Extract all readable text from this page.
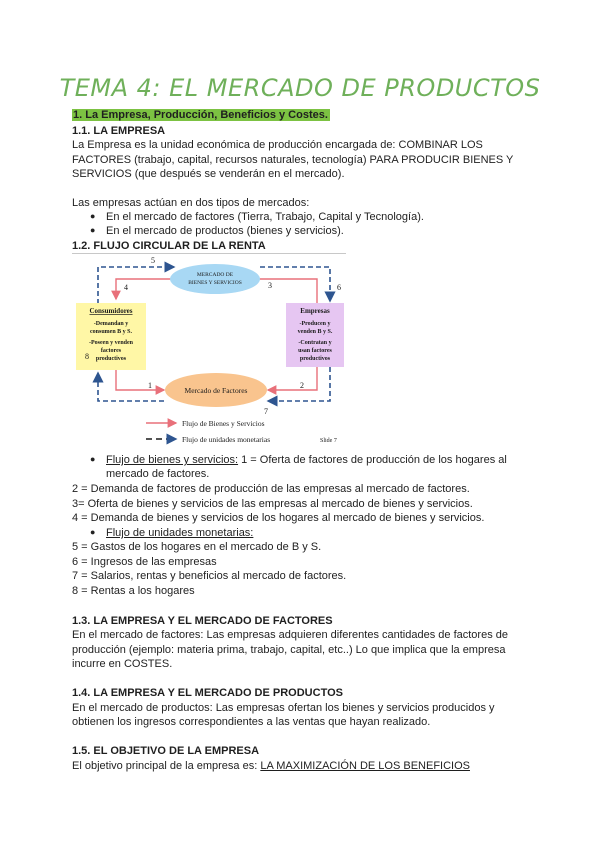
TEMA 4: EL MERCADO DE PRODUCTOS
1. La Empresa, Producción, Beneficios y Costes.
1.1. LA EMPRESA
La Empresa es la unidad económica de producción encargada de: COMBINAR LOS
FACTORES (trabajo, capital, recursos naturales, tecnología) PARA PRODUCIR BIENES Y
SERVICIOS (que después se venderán en el mercado).
Las empresas actúan en dos tipos de mercados:
● En el mercado de factores (Tierra, Trabajo, Capital y Tecnología).
● En el mercado de productos (bienes y servicios).
1.2. FLUJO CIRCULAR DE LA RENTA
MERCADO DE
BIENES Y SERVICIOS
Consumidores
-Demandan y
consumen B y S.
-Poseen y venden
factores
productivos
Empresas
-Producen y
venden B y S.
-Contratan y
usan factores
productivos
Mercado de Factores
1	2
3
4
5
6
7
8
Flujo de Bienes y Servicios
Flujo de unidades monetarias	Slide 7
● Flujo de bienes y servicios: 1 = Oferta de factores de producción de los hogares al
mercado de factores.
2 = Demanda de factores de producción de las empresas al mercado de factores.
3= Oferta de bienes y servicios de las empresas al mercado de bienes y servicios.
4 = Demanda de bienes y servicios de los hogares al mercado de bienes y servicios.
● Flujo de unidades monetarias:
5 = Gastos de los hogares en el mercado de B y S.
6 = Ingresos de las empresas
7 = Salarios, rentas y beneficios al mercado de factores.
8 = Rentas a los hogares
1.3. LA EMPRESA Y EL MERCADO DE FACTORES
En el mercado de factores: Las empresas adquieren diferentes cantidades de factores de
producción (ejemplo: materia prima, trabajo, capital, etc..) Lo que implica que la empresa
incurre en COSTES.
1.4. LA EMPRESA Y EL MERCADO DE PRODUCTOS
En el mercado de productos: Las empresas ofertan los bienes y servicios producidos y
obtienen los ingresos correspondientes a las ventas que hayan realizado.
1.5. EL OBJETIVO DE LA EMPRESA
El objetivo principal de la empresa es: LA MAXIMIZACIÓN DE LOS BENEFICIOS
